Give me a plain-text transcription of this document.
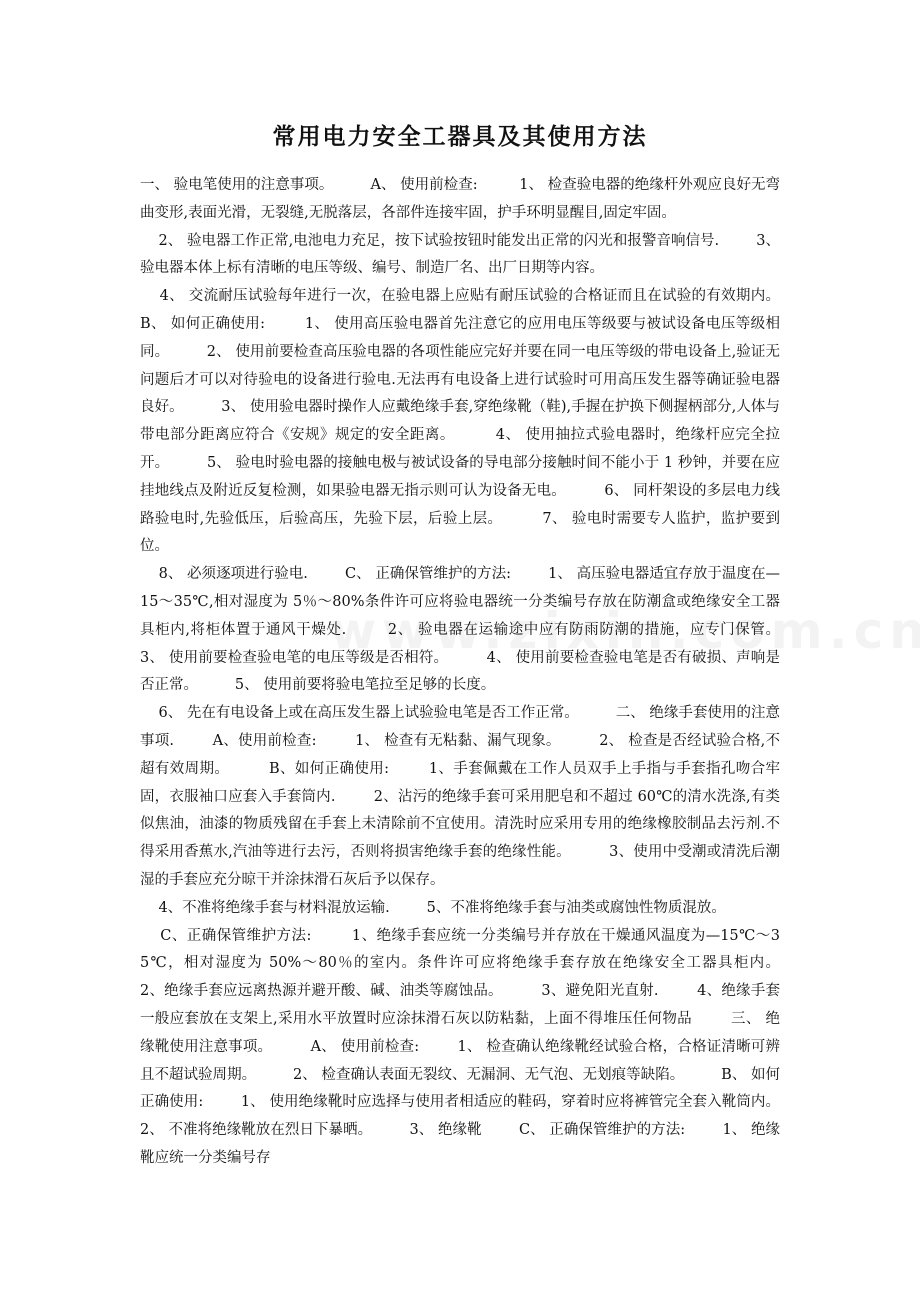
常用电力安全工器具及其使用方法

一、 验电笔使用的注意事项。        A、 使用前检查:         1、 检查验电器的绝缘杆外观应良好无弯曲变形,表面光滑，无裂缝,无脱落层，各部件连接牢固，护手环明显醒目,固定牢固。

2、 验电器工作正常,电池电力充足，按下试验按钮时能发出正常的闪光和报警音响信号.        3、 验电器本体上标有清晰的电压等级、编号、制造厂名、出厂日期等内容。

4、 交流耐压试验每年进行一次，在验电器上应贴有耐压试验的合格证而且在试验的有效期内。        B、 如何正确使用:        1、 使用高压验电器首先注意它的应用电压等级要与被试设备电压等级相同。        2、 使用前要检查高压验电器的各项性能应完好并要在同一电压等级的带电设备上,验证无问题后才可以对待验电的设备进行验电.无法再有电设备上进行试验时可用高压发生器等确证验电器良好。        3、 使用验电器时操作人应戴绝缘手套,穿绝缘靴（鞋),手握在护换下侧握柄部分,人体与带电部分距离应符合《安规》规定的安全距离。        4、 使用抽拉式验电器时，绝缘杆应完全拉开。        5、 验电时验电器的接触电极与被试设备的导电部分接触时间不能小于 1 秒钟，并要在应挂地线点及附近反复检测，如果验电器无指示则可认为设备无电。        6、 同杆架设的多层电力线路验电时,先验低压，后验高压，先验下层，后验上层。        7、 验电时需要专人监护，监护要到位。

8、 必须逐项进行验电.        C、 正确保管维护的方法:        1、 高压验电器适宜存放于温度在—15～35℃,相对湿度为 5％～80%条件许可应将验电器统一分类编号存放在防潮盒或绝缘安全工器具柜内,将柜体置于通风干燥处.        2、 验电器在运输途中应有防雨防潮的措施，应专门保管。        3、 使用前要检查验电笔的电压等级是否相符。        4、 使用前要检查验电笔是否有破损、声响是否正常。        5、 使用前要将验电笔拉至足够的长度。

6、 先在有电设备上或在高压发生器上试验验电笔是否工作正常。        二、 绝缘手套使用的注意事项.        A、使用前检查:        1、 检查有无粘黏、漏气现象。        2、 检查是否经试验合格,不超有效周期。        B、如何正确使用:        1、手套佩戴在工作人员双手上手指与手套指孔吻合牢固，衣服袖口应套入手套筒内.        2、沾污的绝缘手套可采用肥皂和不超过 60℃的清水洗涤,有类似焦油，油漆的物质残留在手套上未清除前不宜使用。清洗时应采用专用的绝缘橡胶制品去污剂.不得采用香蕉水,汽油等进行去污，否则将损害绝缘手套的绝缘性能。        3、使用中受潮或清洗后潮湿的手套应充分晾干并涂抹滑石灰后予以保存。

4、不准将绝缘手套与材料混放运输.        5、不准将绝缘手套与油类或腐蚀性物质混放。

C、正确保管维护方法:        1、绝缘手套应统一分类编号并存放在干燥通风温度为—15℃～35℃，相对湿度为 50%～80％的室内。条件许可应将绝缘手套存放在绝缘安全工器具柜内。        2、绝缘手套应远离热源并避开酸、碱、油类等腐蚀品。        3、避免阳光直射.        4、绝缘手套一般应套放在支架上,采用水平放置时应涂抹滑石灰以防粘黏，上面不得堆压任何物品        三、 绝缘靴使用注意事项。        A、 使用前检查:        1、 检查确认绝缘靴经试验合格，合格证清晰可辨且不超试验周期。        2、 检查确认表面无裂纹、无漏洞、无气泡、无划痕等缺陷。        B、 如何正确使用:        1、 使用绝缘靴时应选择与使用者相适应的鞋码，穿着时应将裤管完全套入靴筒内。        2、 不准将绝缘靴放在烈日下暴晒。        3、 绝缘靴        C、 正确保管维护的方法:        1、 绝缘靴应统一分类编号存
